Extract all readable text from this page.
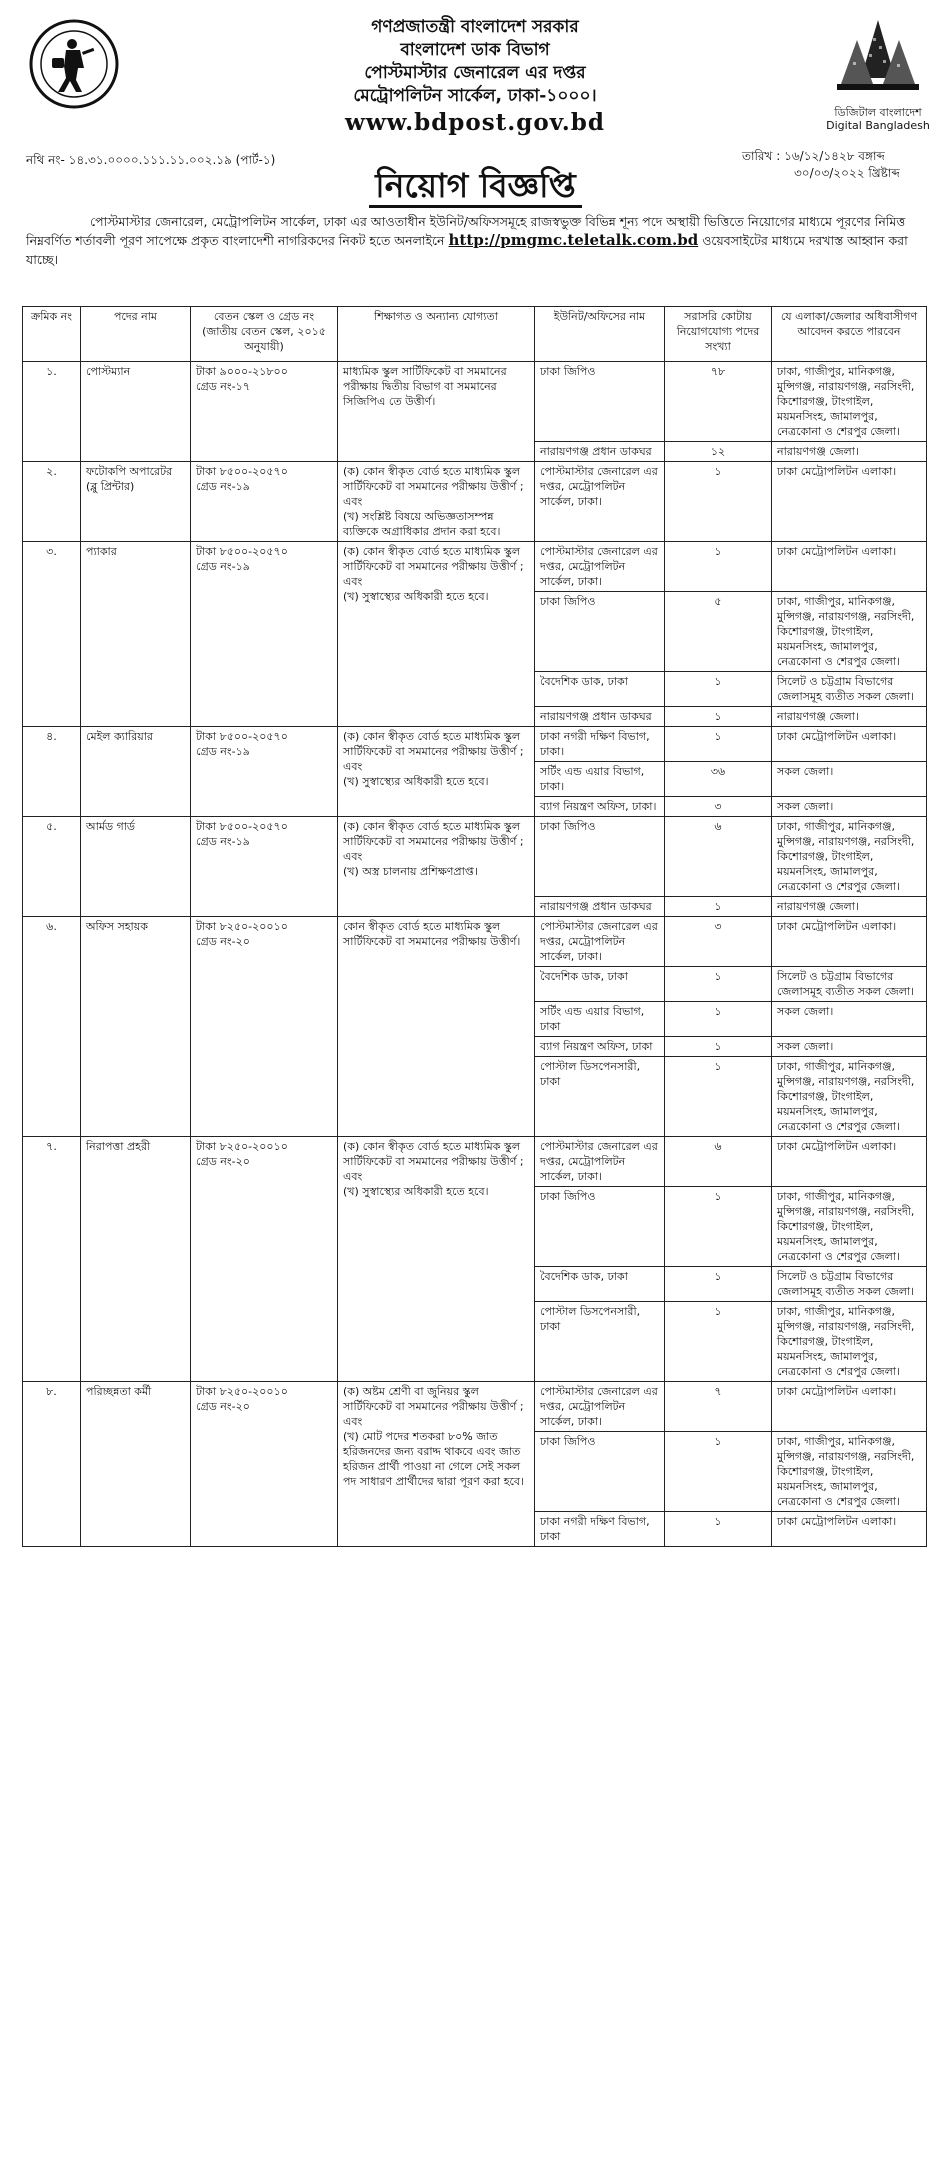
গণপ্রজাতন্ত্রী বাংলাদেশ সরকার
বাংলাদেশ ডাক বিভাগ
পোস্টমাস্টার জেনারেল এর দপ্তর
মেট্রোপলিটন সার্কেল, ঢাকা-১০০০।
www.bdpost.gov.bd	ডিজিটাল বাংলাদেশ
Digital Bangladesh
নথি নং- ১৪.৩১.০০০০.১১১.১১.০০২.১৯ (পার্ট-১)	তারিখ : ১৬/১২/১৪২৮ বঙ্গাব্দ
৩০/০৩/২০২২ খ্রিষ্টাব্দ
নিয়োগ বিজ্ঞপ্তি
পোস্টমাস্টার জেনারেল, মেট্রোপলিটন সার্কেল, ঢাকা এর আওতাধীন ইউনিট/অফিসসমূহে রাজস্বভুক্ত বিভিন্ন শূন্য পদে অস্থায়ী ভিত্তিতে নিয়োগের মাধ্যমে পূরণের নিমিত্ত নিম্নবর্ণিত শর্তাবলী পূরণ সাপেক্ষে প্রকৃত বাংলাদেশী নাগরিকদের নিকট হতে অনলাইনে http://pmgmc.teletalk.com.bd ওয়েবসাইটের মাধ্যমে দরখাস্ত আহ্বান করা যাচ্ছে।
ক্রমিক নং	পদের নাম	বেতন স্কেল ও গ্রেড নং (জাতীয় বেতন স্কেল, ২০১৫ অনুযায়ী)	শিক্ষাগত ও অন্যান্য যোগ্যতা	ইউনিট/অফিসের নাম	সরাসরি কোটায় নিয়োগযোগ্য পদের সংখ্যা	যে এলাকা/জেলার অধিবাসীগণ আবেদন করতে পারবেন
১.	পোস্টম্যান	টাকা ৯০০০-২১৮০০
গ্রেড নং-১৭	মাধ্যমিক স্কুল সার্টিফিকেট বা সমমানের পরীক্ষায় দ্বিতীয় বিভাগ বা সমমানের সিজিপিএ তে উত্তীর্ণ।	ঢাকা জিপিও	৭৮	ঢাকা, গাজীপুর, মানিকগঞ্জ, মুন্সিগঞ্জ, নারায়ণগঞ্জ, নরসিংদী, কিশোরগঞ্জ, টাংগাইল, ময়মনসিংহ, জামালপুর, নেত্রকোনা ও শেরপুর জেলা।
				নারায়ণগঞ্জ প্রধান ডাকঘর	১২	নারায়ণগঞ্জ জেলা।
২.	ফটোকপি অপারেটর
(ব্লু প্রিন্টার)	টাকা ৮৫০০-২০৫৭০
গ্রেড নং-১৯	(ক) কোন স্বীকৃত বোর্ড হতে মাধ্যমিক স্কুল সার্টিফিকেট বা সমমানের পরীক্ষায় উত্তীর্ণ ; এবং
(খ) সংশ্লিষ্ট বিষয়ে অভিজ্ঞতাসম্পন্ন ব্যক্তিকে অগ্রাধিকার প্রদান করা হবে।	পোস্টমাস্টার জেনারেল এর দপ্তর, মেট্রোপলিটন সার্কেল, ঢাকা।	১	ঢাকা মেট্রোপলিটন এলাকা।
৩.	প্যাকার	টাকা ৮৫০০-২০৫৭০
গ্রেড নং-১৯	(ক) কোন স্বীকৃত বোর্ড হতে মাধ্যমিক স্কুল সার্টিফিকেট বা সমমানের পরীক্ষায় উত্তীর্ণ ; এবং
(খ) সুস্বাস্থ্যের অধিকারী হতে হবে।	পোস্টমাস্টার জেনারেল এর দপ্তর, মেট্রোপলিটন সার্কেল, ঢাকা।	১	ঢাকা মেট্রোপলিটন এলাকা।
				ঢাকা জিপিও	৫	ঢাকা, গাজীপুর, মানিকগঞ্জ, মুন্সিগঞ্জ, নারায়ণগঞ্জ, নরসিংদী, কিশোরগঞ্জ, টাংগাইল, ময়মনসিংহ, জামালপুর, নেত্রকোনা ও শেরপুর জেলা।
				বৈদেশিক ডাক, ঢাকা	১	সিলেট ও চট্টগ্রাম বিভাগের জেলাসমূহ ব্যতীত সকল জেলা।
				নারায়ণগঞ্জ প্রধান ডাকঘর	১	নারায়ণগঞ্জ জেলা।
৪.	মেইল ক্যারিয়ার	টাকা ৮৫০০-২০৫৭০
গ্রেড নং-১৯	(ক) কোন স্বীকৃত বোর্ড হতে মাধ্যমিক স্কুল সার্টিফিকেট বা সমমানের পরীক্ষায় উত্তীর্ণ ; এবং
(খ) সুস্বাস্থ্যের অধিকারী হতে হবে।	ঢাকা নগরী দক্ষিণ বিভাগ, ঢাকা।	১	ঢাকা মেট্রোপলিটন এলাকা।
				সর্টিং এন্ড এয়ার বিভাগ, ঢাকা।	৩৬	সকল জেলা।
				ব্যাগ নিয়ন্ত্রণ অফিস, ঢাকা।	৩	সকল জেলা।
৫.	আর্মড গার্ড	টাকা ৮৫০০-২০৫৭০
গ্রেড নং-১৯	(ক) কোন স্বীকৃত বোর্ড হতে মাধ্যমিক স্কুল সার্টিফিকেট বা সমমানের পরীক্ষায় উত্তীর্ণ ; এবং
(খ) অস্ত্র চালনায় প্রশিক্ষণপ্রাপ্ত।	ঢাকা জিপিও	৬	ঢাকা, গাজীপুর, মানিকগঞ্জ, মুন্সিগঞ্জ, নারায়ণগঞ্জ, নরসিংদী, কিশোরগঞ্জ, টাংগাইল, ময়মনসিংহ, জামালপুর, নেত্রকোনা ও শেরপুর জেলা।
				নারায়ণগঞ্জ প্রধান ডাকঘর	১	নারায়ণগঞ্জ জেলা।
৬.	অফিস সহায়ক	টাকা ৮২৫০-২০০১০
গ্রেড নং-২০	কোন স্বীকৃত বোর্ড হতে মাধ্যমিক স্কুল সার্টিফিকেট বা সমমানের পরীক্ষায় উত্তীর্ণ।	পোস্টমাস্টার জেনারেল এর দপ্তর, মেট্রোপলিটন সার্কেল, ঢাকা।	৩	ঢাকা মেট্রোপলিটন এলাকা।
				বৈদেশিক ডাক, ঢাকা	১	সিলেট ও চট্টগ্রাম বিভাগের জেলাসমূহ ব্যতীত সকল জেলা।
				সর্টিং এন্ড এয়ার বিভাগ, ঢাকা	১	সকল জেলা।
				ব্যাগ নিয়ন্ত্রণ অফিস, ঢাকা	১	সকল জেলা।
				পোস্টাল ডিসপেনসারী, ঢাকা	১	ঢাকা, গাজীপুর, মানিকগঞ্জ, মুন্সিগঞ্জ, নারায়ণগঞ্জ, নরসিংদী, কিশোরগঞ্জ, টাংগাইল, ময়মনসিংহ, জামালপুর, নেত্রকোনা ও শেরপুর জেলা।
৭.	নিরাপত্তা প্রহরী	টাকা ৮২৫০-২০০১০
গ্রেড নং-২০	(ক) কোন স্বীকৃত বোর্ড হতে মাধ্যমিক স্কুল সার্টিফিকেট বা সমমানের পরীক্ষায় উত্তীর্ণ ; এবং
(খ) সুস্বাস্থ্যের অধিকারী হতে হবে।	পোস্টমাস্টার জেনারেল এর দপ্তর, মেট্রোপলিটন সার্কেল, ঢাকা।	৬	ঢাকা মেট্রোপলিটন এলাকা।
				ঢাকা জিপিও	১	ঢাকা, গাজীপুর, মানিকগঞ্জ, মুন্সিগঞ্জ, নারায়ণগঞ্জ, নরসিংদী, কিশোরগঞ্জ, টাংগাইল, ময়মনসিংহ, জামালপুর, নেত্রকোনা ও শেরপুর জেলা।
				বৈদেশিক ডাক, ঢাকা	১	সিলেট ও চট্টগ্রাম বিভাগের জেলাসমূহ ব্যতীত সকল জেলা।
				পোস্টাল ডিসপেনসারী, ঢাকা	১	ঢাকা, গাজীপুর, মানিকগঞ্জ, মুন্সিগঞ্জ, নারায়ণগঞ্জ, নরসিংদী, কিশোরগঞ্জ, টাংগাইল, ময়মনসিংহ, জামালপুর, নেত্রকোনা ও শেরপুর জেলা।
৮.	পরিচ্ছন্নতা কর্মী	টাকা ৮২৫০-২০০১০
গ্রেড নং-২০	(ক) অষ্টম শ্রেণী বা জুনিয়র স্কুল সার্টিফিকেট বা সমমানের পরীক্ষায় উত্তীর্ণ ; এবং
(খ) মোট পদের শতকরা ৮০% জাত হরিজনদের জন্য বরাদ্দ থাকবে এবং জাত হরিজন প্রার্থী পাওয়া না গেলে সেই সকল পদ সাধারণ প্রার্থীদের দ্বারা পূরণ করা হবে।	পোস্টমাস্টার জেনারেল এর দপ্তর, মেট্রোপলিটন সার্কেল, ঢাকা।	৭	ঢাকা মেট্রোপলিটন এলাকা।
				ঢাকা জিপিও	১	ঢাকা, গাজীপুর, মানিকগঞ্জ, মুন্সিগঞ্জ, নারায়ণগঞ্জ, নরসিংদী, কিশোরগঞ্জ, টাংগাইল, ময়মনসিংহ, জামালপুর, নেত্রকোনা ও শেরপুর জেলা।
				ঢাকা নগরী দক্ষিণ বিভাগ, ঢাকা	১	ঢাকা মেট্রোপলিটন এলাকা।
